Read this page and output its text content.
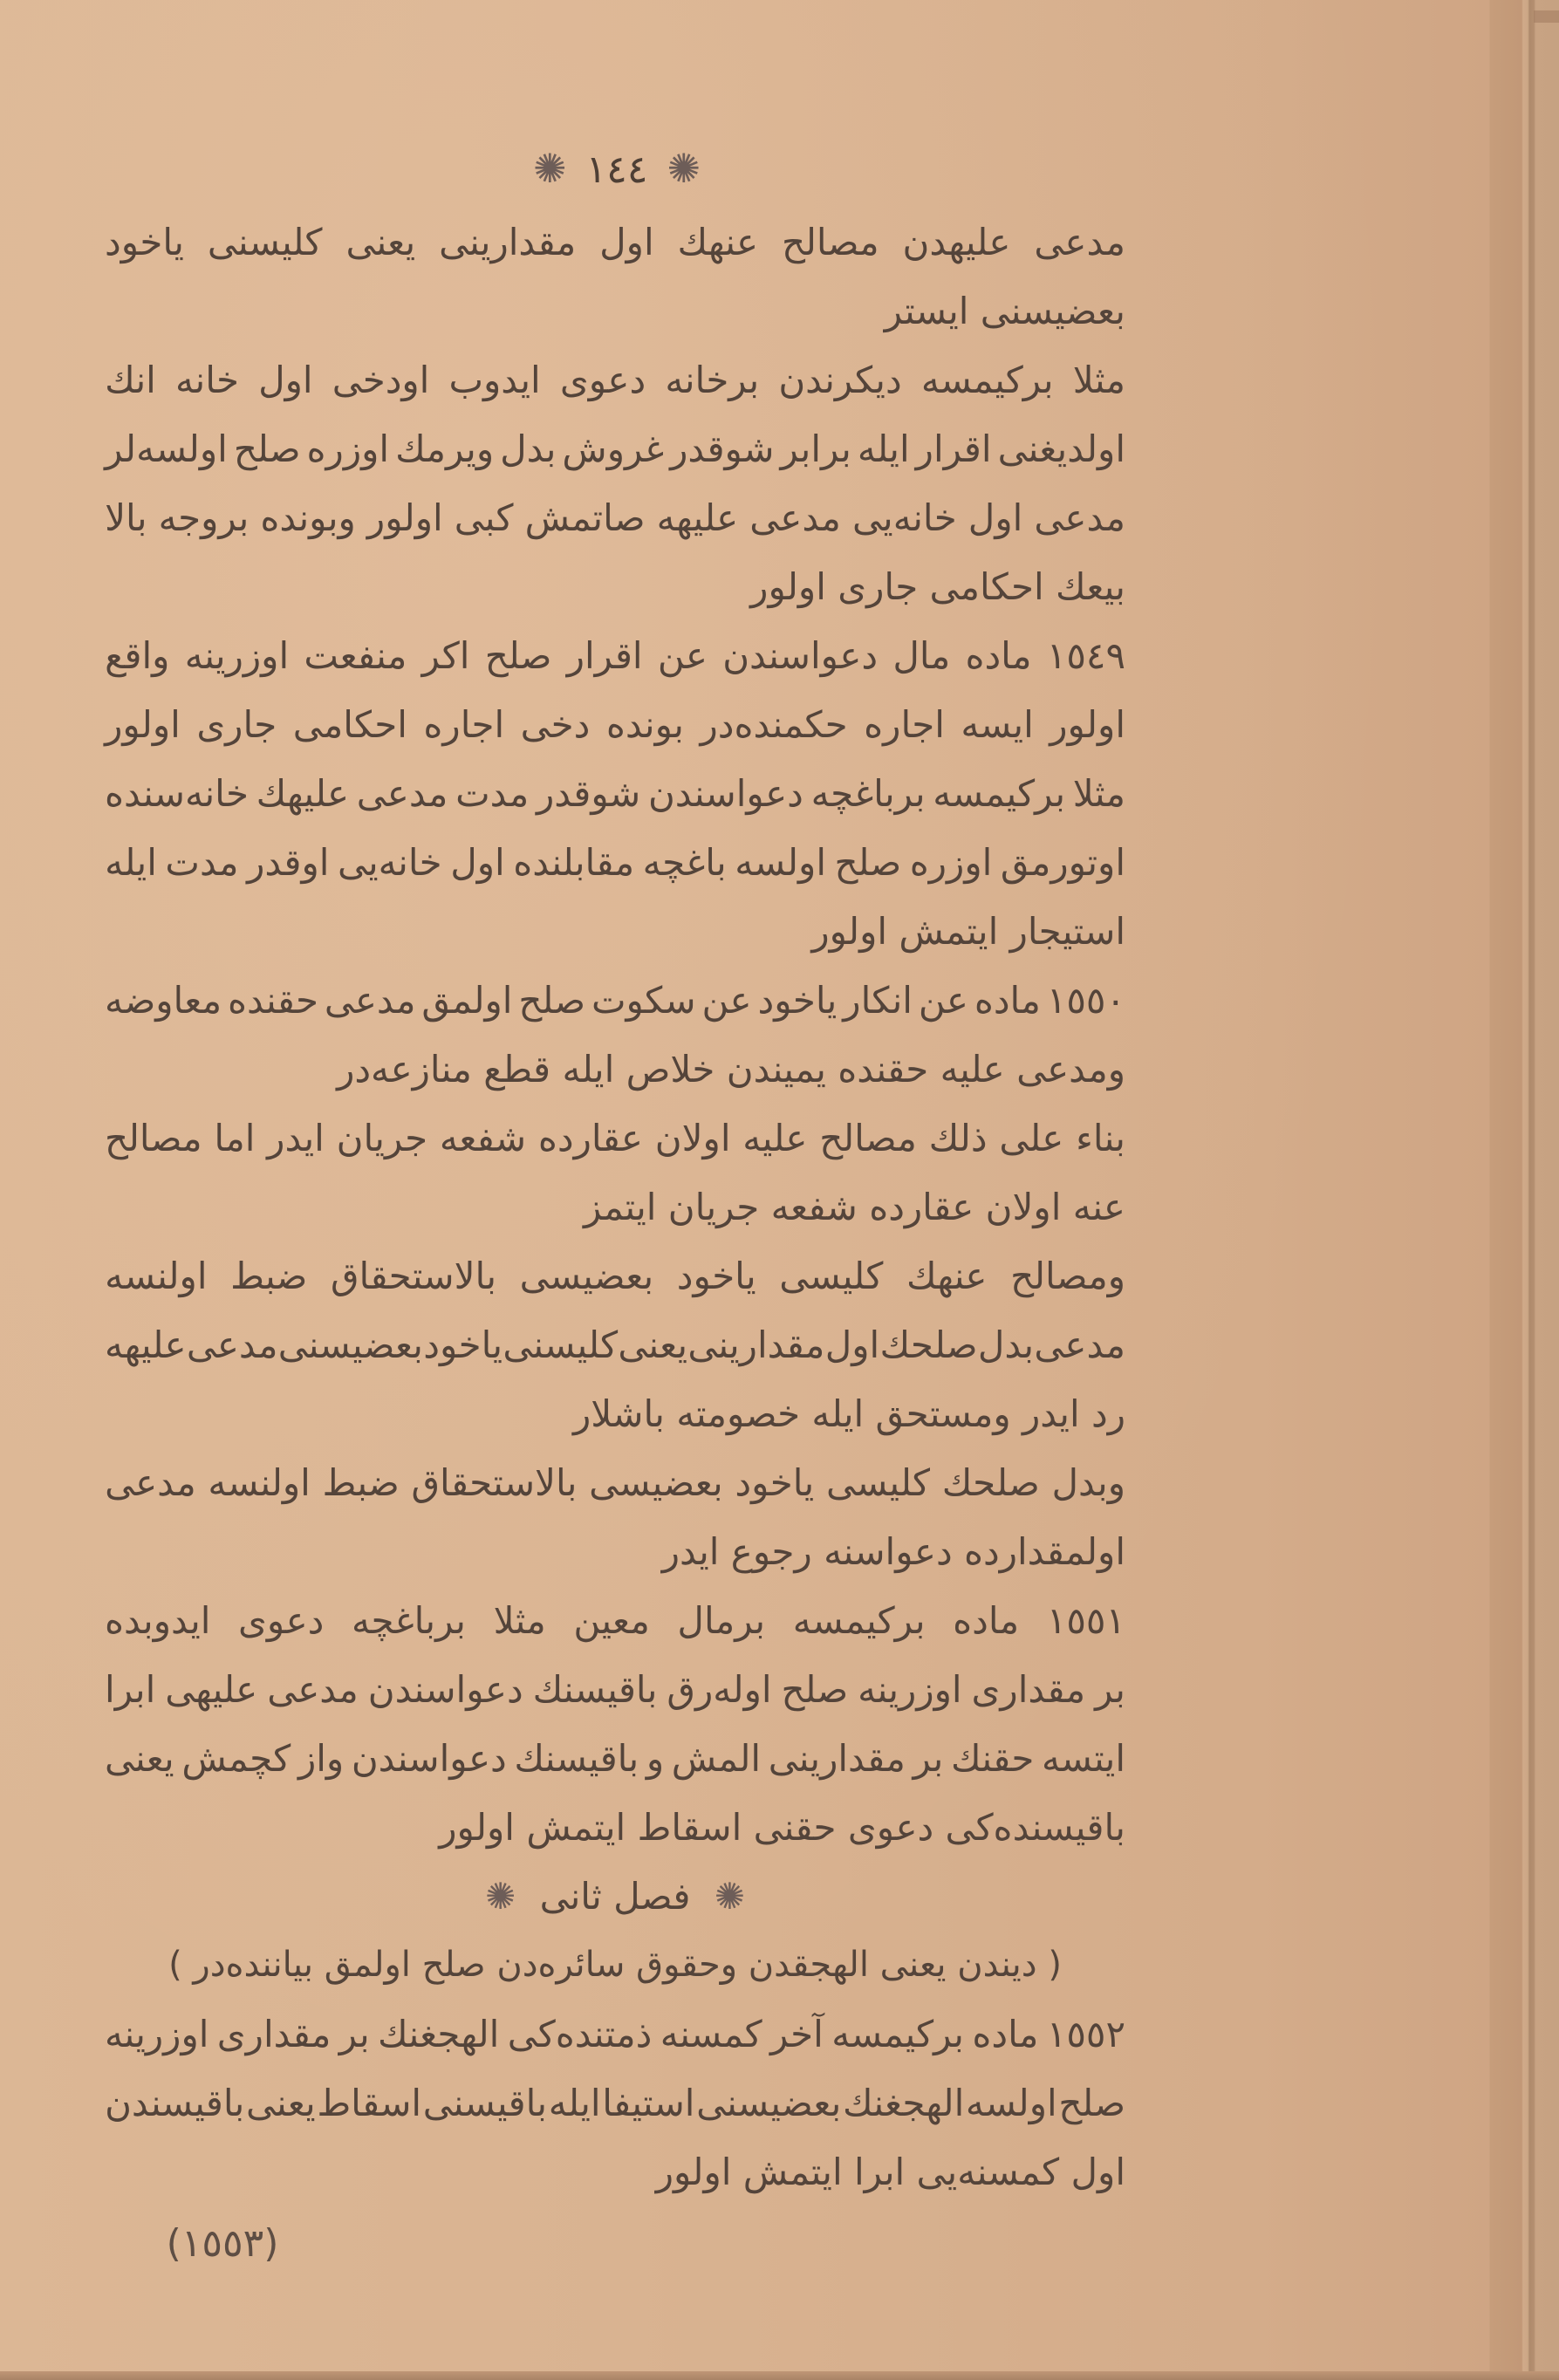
✺ ١٤٤ ✺
مدعى
عليهدن
مصالح
عنهك
اول
مقدارينى
يعنى
كليسنى
ياخود
بعضيسنى ايستر
مثلا
بركيمسه
ديكرندن
برخانه
دعوى
ايدوب
اودخى
اول
خانه
انك
اولديغنى
اقرار
ايله
برابر
شوقدر
غروش
بدل
ويرمك
اوزره
صلح
اولسه‌لر
مدعى
اول
خانه‌يى
مدعى
عليهه
صاتمش
كبى
اولور
وبونده
بروجه
بالا
بيعك احكامى جارى اولور
١٥٤٩
ماده
مال
دعواسندن
عن
اقرار
صلح
اكر
منفعت
اوزرينه
واقع
اولور
ايسه
اجاره
حكمنده‌در
بونده
دخى
اجاره
احكامى
جارى
اولور
مثلا
بركيمسه
برباغچه
دعواسندن
شوقدر
مدت
مدعى
عليهك
خانه‌سنده
اوتورمق
اوزره
صلح
اولسه
باغچه
مقابلنده
اول
خانه‌يى
اوقدر
مدت
ايله
استيجار ايتمش اولور
١٥٥٠
ماده
عن
انكار
ياخود
عن
سكوت
صلح
اولمق
مدعى
حقنده
معاوضه
ومدعى عليه حقنده يميندن خلاص ايله قطع منازعه‌در
بناء
على
ذلك
مصالح
عليه
اولان
عقارده
شفعه
جريان
ايدر
اما
مصالح
عنه اولان عقارده شفعه جريان ايتمز
ومصالح
عنهك
كليسى
ياخود
بعضيسى
بالاستحقاق
ضبط
اولنسه
مدعى
بدل
صلحك
اول
مقدارينى
يعنى
كليسنى
ياخود
بعضيسنى
مدعى
عليهه
رد ايدر ومستحق ايله خصومته باشلار
وبدل
صلحك
كليسى
ياخود
بعضيسى
بالاستحقاق
ضبط
اولنسه
مدعى
اولمقدارده دعواسنه رجوع ايدر
١٥٥١
ماده
بركيمسه
برمال
معين
مثلا
برباغچه
دعوى
ايدوبده
بر
مقدارى
اوزرينه
صلح
اوله‌رق
باقيسنك
دعواسندن
مدعى
عليهى
ابرا
ايتسه
حقنك
بر
مقدارينى
المش
و
باقيسنك
دعواسندن
واز
كچمش
يعنى
باقيسنده‌كى دعوى حقنى اسقاط ايتمش اولور
✺ فصل ثانى ✺
( ديندن يعنى الهجقدن وحقوق سائره‌دن صلح اولمق بياننده‌در )
١٥٥٢
ماده
بركيمسه
آخر
كمسنه
ذمتنده‌كى
الهجغنك
بر
مقدارى
اوزرينه
صلح
اولسه
الهجغنك
بعضيسنى
استيفا
ايله
باقيسنى
اسقاط
يعنى
باقيسندن
اول كمسنه‌يى ابرا ايتمش اولور
(١٥٥٣)
